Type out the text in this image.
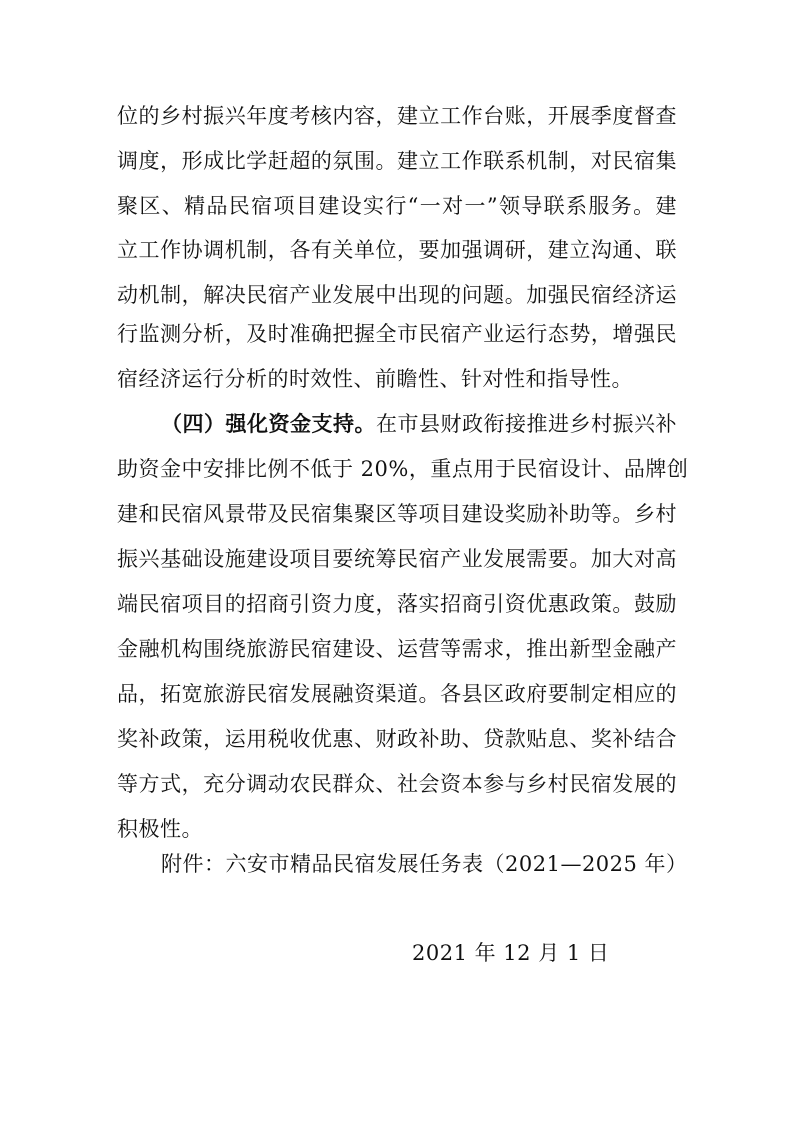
位的乡村振兴年度考核内容，建立工作台账，开展季度督查
调度，形成比学赶超的氛围。建立工作联系机制，对民宿集
聚区、精品民宿项目建设实行“一对一”领导联系服务。建
立工作协调机制，各有关单位，要加强调研，建立沟通、联
动机制，解决民宿产业发展中出现的问题。加强民宿经济运
行监测分析，及时准确把握全市民宿产业运行态势，增强民
宿经济运行分析的时效性、前瞻性、针对性和指导性。
（四）强化资金支持。在市县财政衔接推进乡村振兴补
助资金中安排比例不低于 20%，重点用于民宿设计、品牌创
建和民宿风景带及民宿集聚区等项目建设奖励补助等。乡村
振兴基础设施建设项目要统筹民宿产业发展需要。加大对高
端民宿项目的招商引资力度，落实招商引资优惠政策。鼓励
金融机构围绕旅游民宿建设、运营等需求，推出新型金融产
品，拓宽旅游民宿发展融资渠道。各县区政府要制定相应的
奖补政策，运用税收优惠、财政补助、贷款贴息、奖补结合
等方式，充分调动农民群众、社会资本参与乡村民宿发展的
积极性。
附件：六安市精品民宿发展任务表（2021—2025 年）
2021 年 12 月 1 日
